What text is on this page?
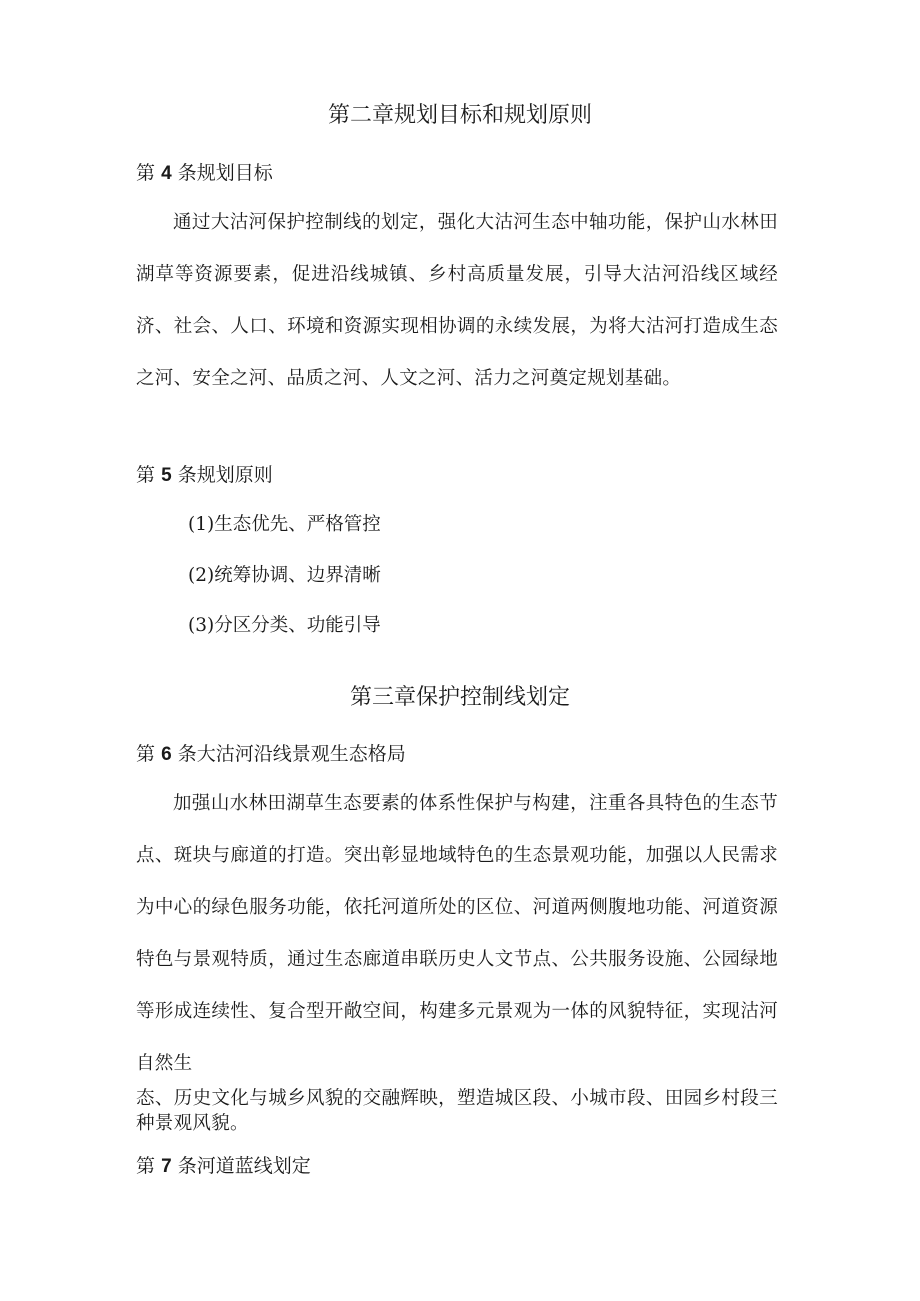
第二章规划目标和规划原则
第 4 条规划目标

通过大沽河保护控制线的划定，强化大沽河生态中轴功能，保护山水林田湖草等资源要素，促进沿线城镇、乡村高质量发展，引导大沽河沿线区域经济、社会、人口、环境和资源实现相协调的永续发展，为将大沽河打造成生态之河、安全之河、品质之河、人文之河、活力之河奠定规划基础。

第 5 条规划原则

(1)生态优先、严格管控

(2)统筹协调、边界清晰

(3)分区分类、功能引导

第三章保护控制线划定
第 6 条大沽河沿线景观生态格局

加强山水林田湖草生态要素的体系性保护与构建，注重各具特色的生态节点、斑块与廊道的打造。突出彰显地域特色的生态景观功能，加强以人民需求为中心的绿色服务功能，依托河道所处的区位、河道两侧腹地功能、河道资源特色与景观特质，通过生态廊道串联历史人文节点、公共服务设施、公园绿地等形成连续性、复合型开敞空间，构建多元景观为一体的风貌特征，实现沽河自然生

态、历史文化与城乡风貌的交融辉映，塑造城区段、小城市段、田园乡村段三种景观风貌。

第 7 条河道蓝线划定
